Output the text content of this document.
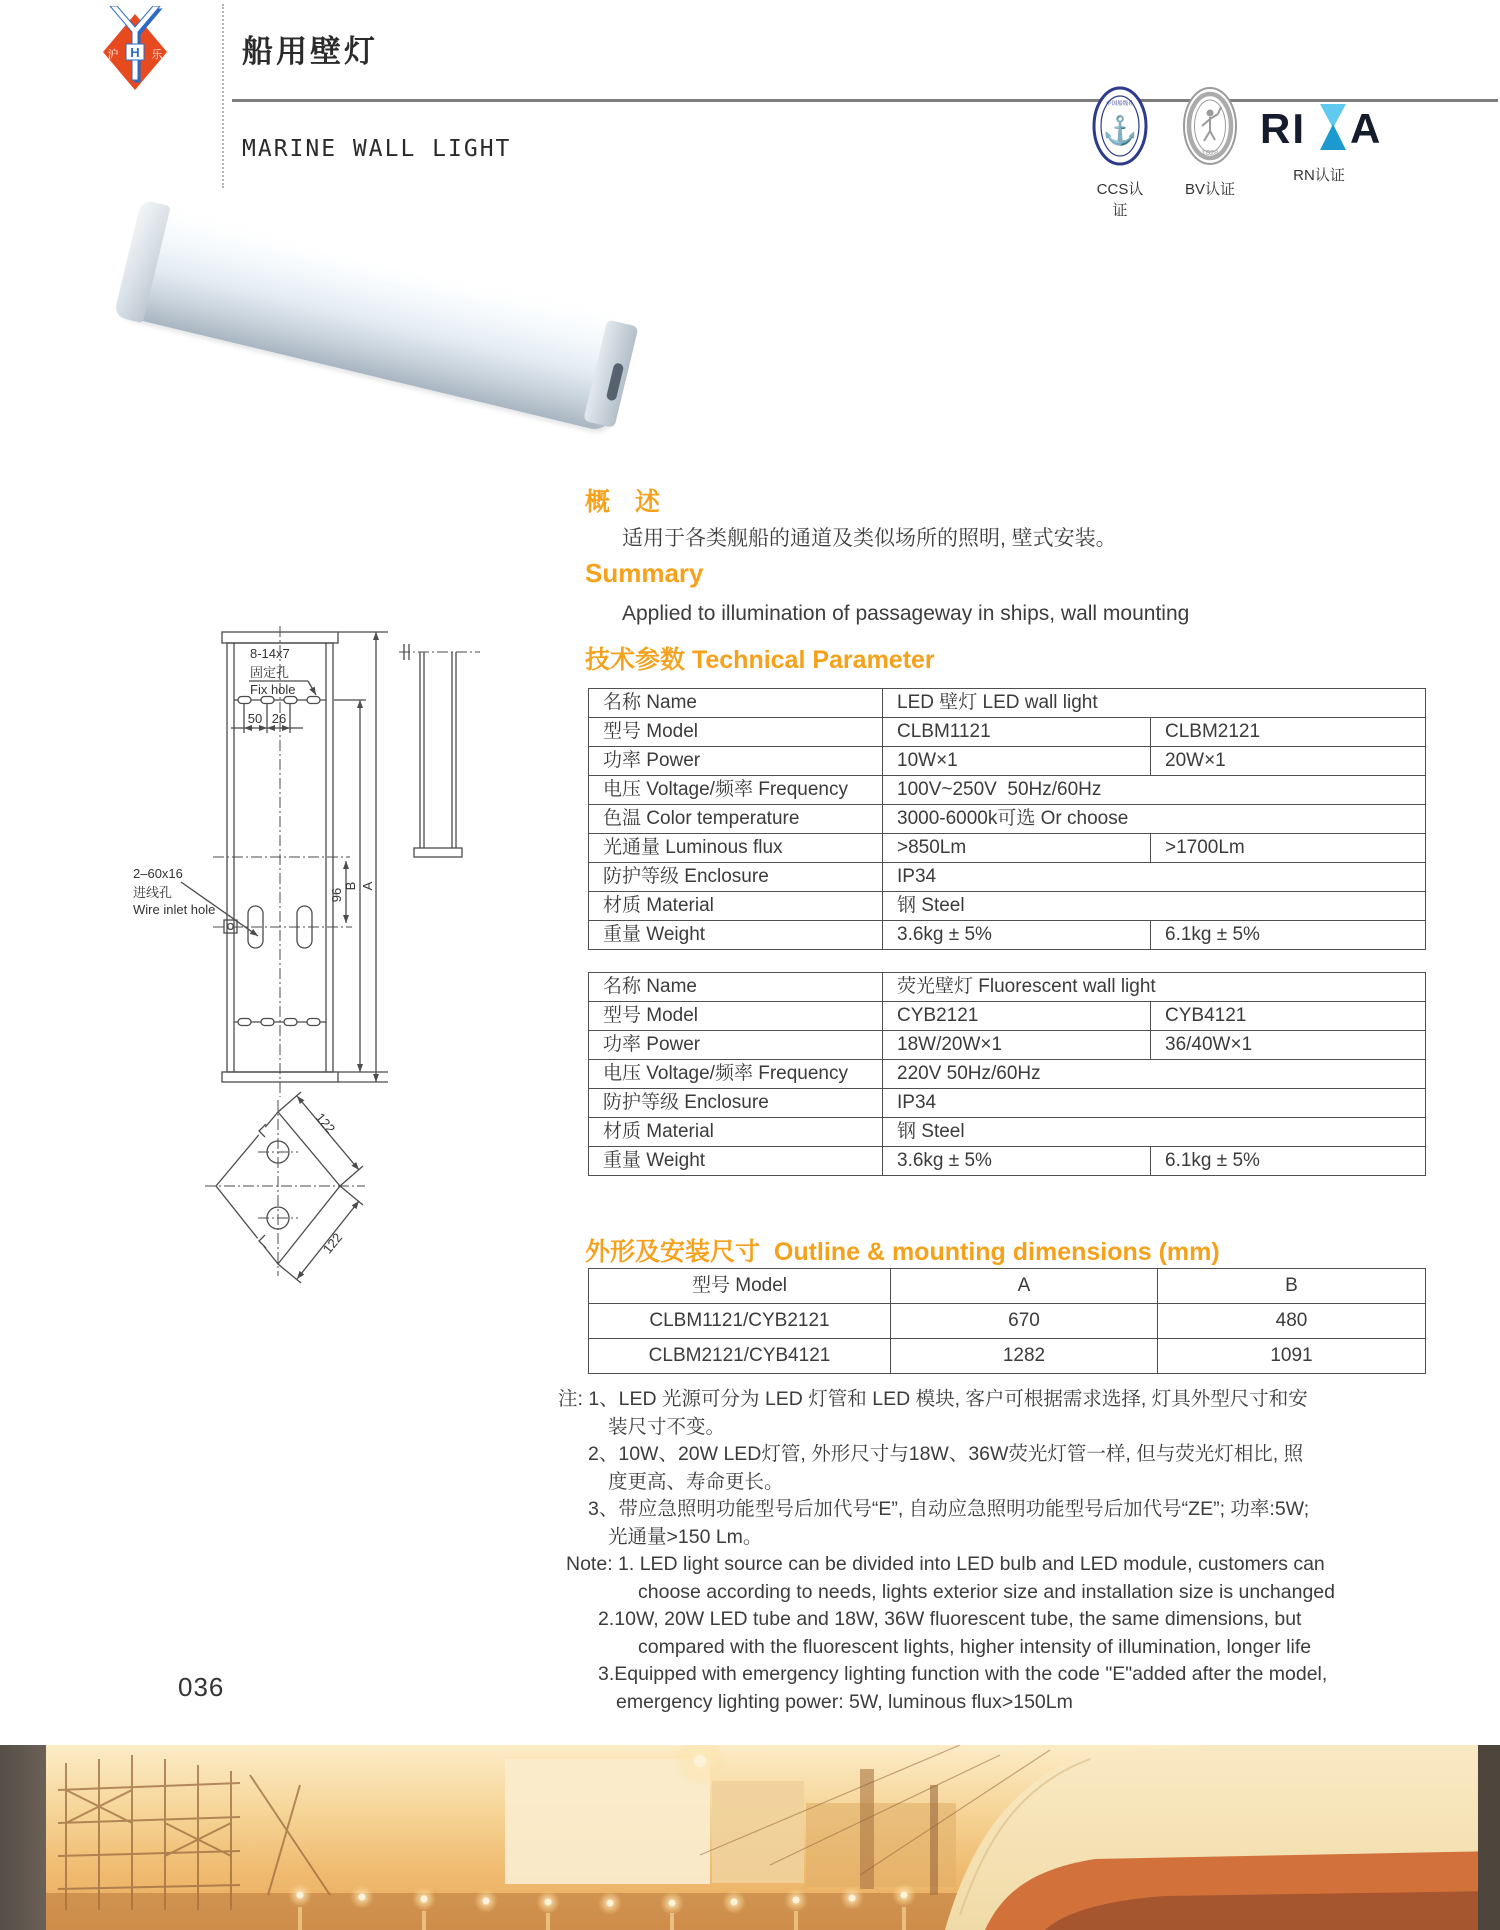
H
沪	乐	船用壁灯
MARINE WALL LIGHT
中国船级社
⚓
CCS认证
1828
BV认证
RI A
RN认证
8-14x7
固定孔
Fix hole
50 26
2–60x16
进线孔
Wire inlet hole
96
B A
122
122
概　述
适用于各类舰船的通道及类似场所的照明, 壁式安装。
Summary
Applied to illumination of passageway in ships, wall mounting
技术参数 Technical Parameter
名称 Name	LED 壁灯 LED wall light	
型号 Model	CLBM1121	CLBM2121
功率 Power	10W×1	20W×1
电压 Voltage/频率 Frequency	100V~250V  50Hz/60Hz	
色温 Color temperature	3000-6000k可选 Or choose	
光通量 Luminous flux	>850Lm	>1700Lm
防护等级 Enclosure	IP34	
材质 Material	钢 Steel	
重量 Weight	3.6kg ± 5%	6.1kg ± 5%
名称 Name	荧光壁灯 Fluorescent wall light	
型号 Model	CYB2121	CYB4121
功率 Power	18W/20W×1	36/40W×1
电压 Voltage/频率 Frequency	220V 50Hz/60Hz	
防护等级 Enclosure	IP34	
材质 Material	钢 Steel	
重量 Weight	3.6kg ± 5%	6.1kg ± 5%
外形及安装尺寸  Outline & mounting dimensions (mm)
型号 Model	A	B
CLBM1121/CYB2121	670	480
CLBM2121/CYB4121	1282	1091
注: 1、LED 光源可分为 LED 灯管和 LED 模块, 客户可根据需求选择, 灯具外型尺寸和安
装尺寸不变。
2、10W、20W LED灯管, 外形尺寸与18W、36W荧光灯管一样, 但与荧光灯相比, 照
度更高、寿命更长。
3、带应急照明功能型号后加代号“E”, 自动应急照明功能型号后加代号“ZE”; 功率:5W;
光通量>150 Lm。
Note: 1. LED light source can be divided into LED bulb and LED module, customers can
choose according to needs, lights exterior size and installation size is unchanged
2.10W, 20W LED tube and 18W, 36W fluorescent tube, the same dimensions, but
compared with the fluorescent lights, higher intensity of illumination, longer life
3.Equipped with emergency lighting function with the code "E"added after the model,
emergency lighting power: 5W, luminous flux>150Lm
036
